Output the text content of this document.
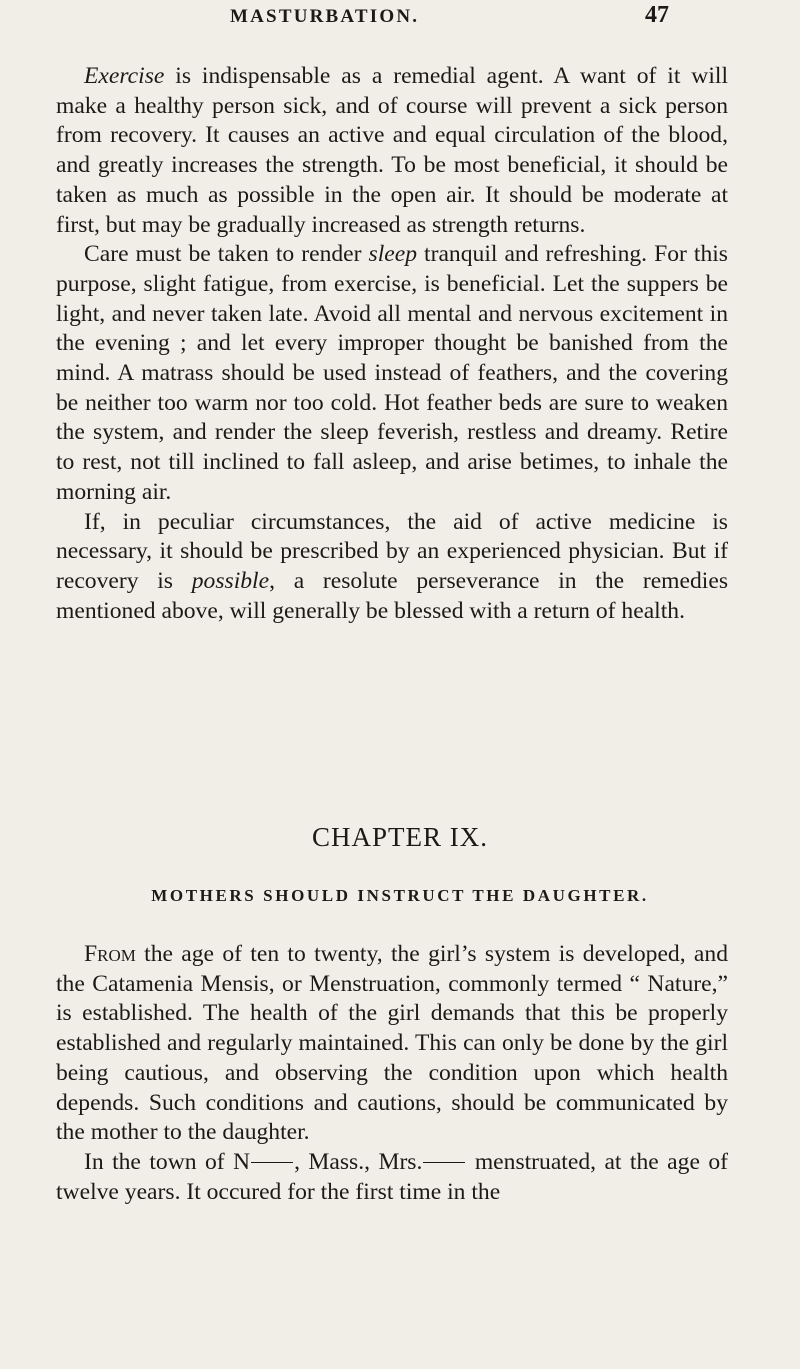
MASTURBATION.	47

Exercise is indispensable as a remedial agent. A want of it will make a healthy person sick, and of course will prevent a sick person from recovery. It causes an active and equal circulation of the blood, and greatly increases the strength. To be most beneficial, it should be taken as much as possible in the open air. It should be moderate at first, but may be gradually increased as strength returns.

Care must be taken to render sleep tranquil and refreshing. For this purpose, slight fatigue, from exercise, is beneficial. Let the suppers be light, and never taken late. Avoid all mental and nervous excitement in the evening ; and let every improper thought be banished from the mind. A matrass should be used instead of feathers, and the covering be neither too warm nor too cold. Hot feather beds are sure to weaken the system, and render the sleep feverish, restless and dreamy. Retire to rest, not till inclined to fall asleep, and arise betimes, to inhale the morning air.

If, in peculiar circumstances, the aid of active medicine is necessary, it should be prescribed by an experienced physician. But if recovery is possible, a resolute perseverance in the remedies mentioned above, will generally be blessed with a return of health.

CHAPTER IX.
MOTHERS SHOULD INSTRUCT THE DAUGHTER.

From the age of ten to twenty, the girl’s system is developed, and the Catamenia Mensis, or Menstruation, commonly termed “ Nature,” is established. The health of the girl demands that this be properly established and regularly maintained. This can only be done by the girl being cautious, and observing the condition upon which health depends. Such conditions and cautions, should be communicated by the mother to the daughter.

In the town of N , Mass., Mrs. menstruated, at the age of twelve years. It occured for the first time in the
